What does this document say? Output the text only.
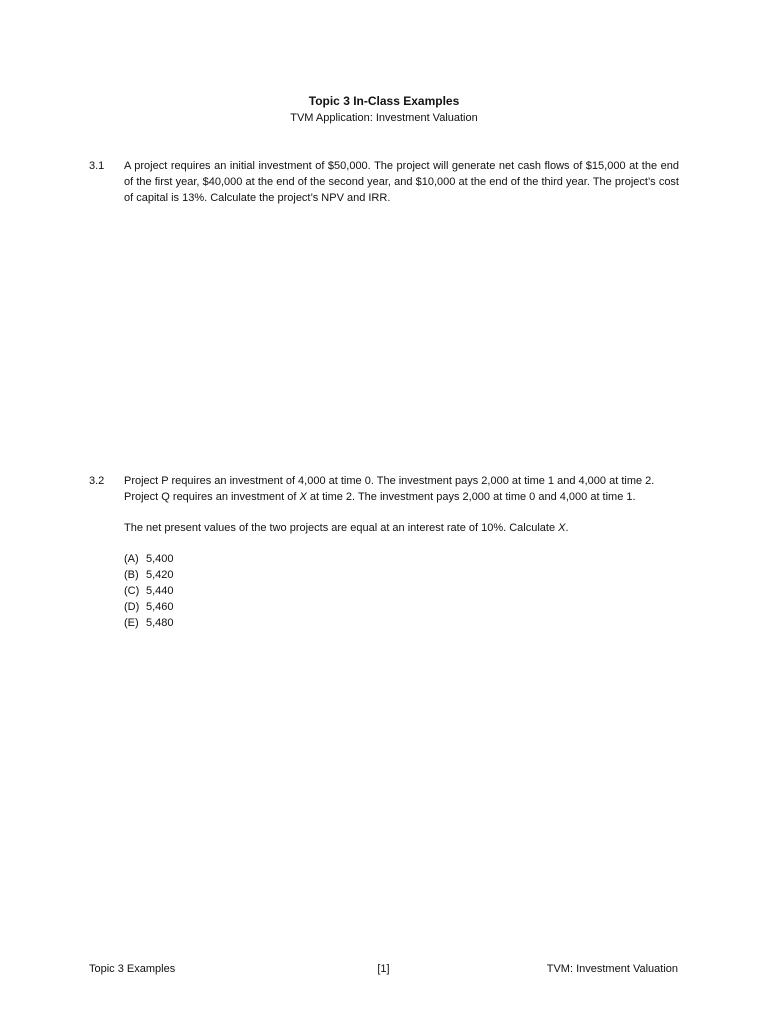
Topic 3 In-Class Examples
TVM Application: Investment Valuation
3.1	A project requires an initial investment of $50,000. The project will generate net cash flows of $15,000 at the end of the first year, $40,000 at the end of the second year, and $10,000 at the end of the third year. The project’s cost of capital is 13%. Calculate the project’s NPV and IRR.

3.2	Project P requires an investment of 4,000 at time 0. The investment pays 2,000 at time 1 and 4,000 at time 2.
Project Q requires an investment of X at time 2. The investment pays 2,000 at time 0 and 4,000 at time 1.
The net present values of the two projects are equal at an interest rate of 10%. Calculate X.
(A) 5,400
(B) 5,420
(C) 5,440
(D) 5,460
(E) 5,480
[1]
Topic 3 Examples	TVM: Investment Valuation
